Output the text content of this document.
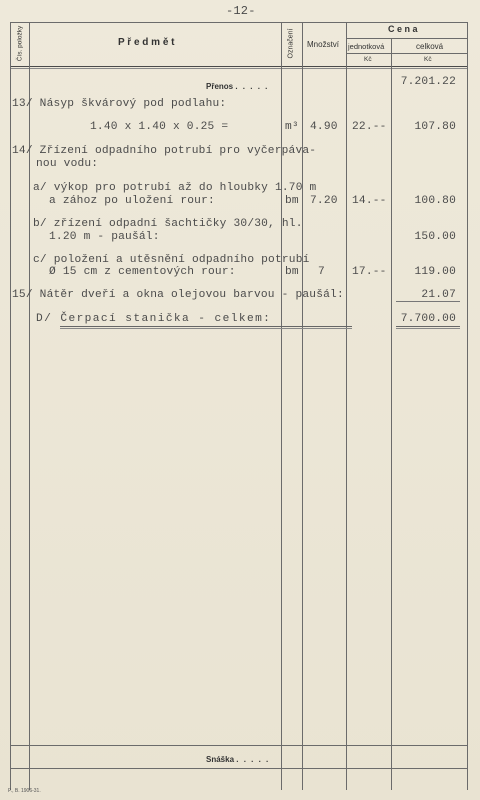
-12-
Čís. položky	P ř e d m ě t	Označení Množství
C e n a
jednotková	celková
Kč	Kč
Přenos . . . . .	7.201.22
13/ Násyp škvárový pod podlahu:
1.40 x 1.40 x 0.25 =	m³ 4.90 22.--	107.80
14/ Zřízení odpadního potrubí pro vyčerpáva-
nou vodu:
a/ výkop pro potrubí až do hloubky 1.70 m
a zához po uložení rour:	bm 7.20 14.--	100.80
b/ zřízení odpadní šachtičky 30/30, hl.
1.20 m - paušál:	150.00
c/ položení a utěsnění odpadního potrubí
Ø 15 cm z cementových rour:	bm 7 17.--	119.00
15/ Nátěr dveří a okna olejovou barvou - paušál:	21.07
D/ Čerpací stanička - celkem:	7.700.00
Snáška . . . . .
P., B. 1906-31.
